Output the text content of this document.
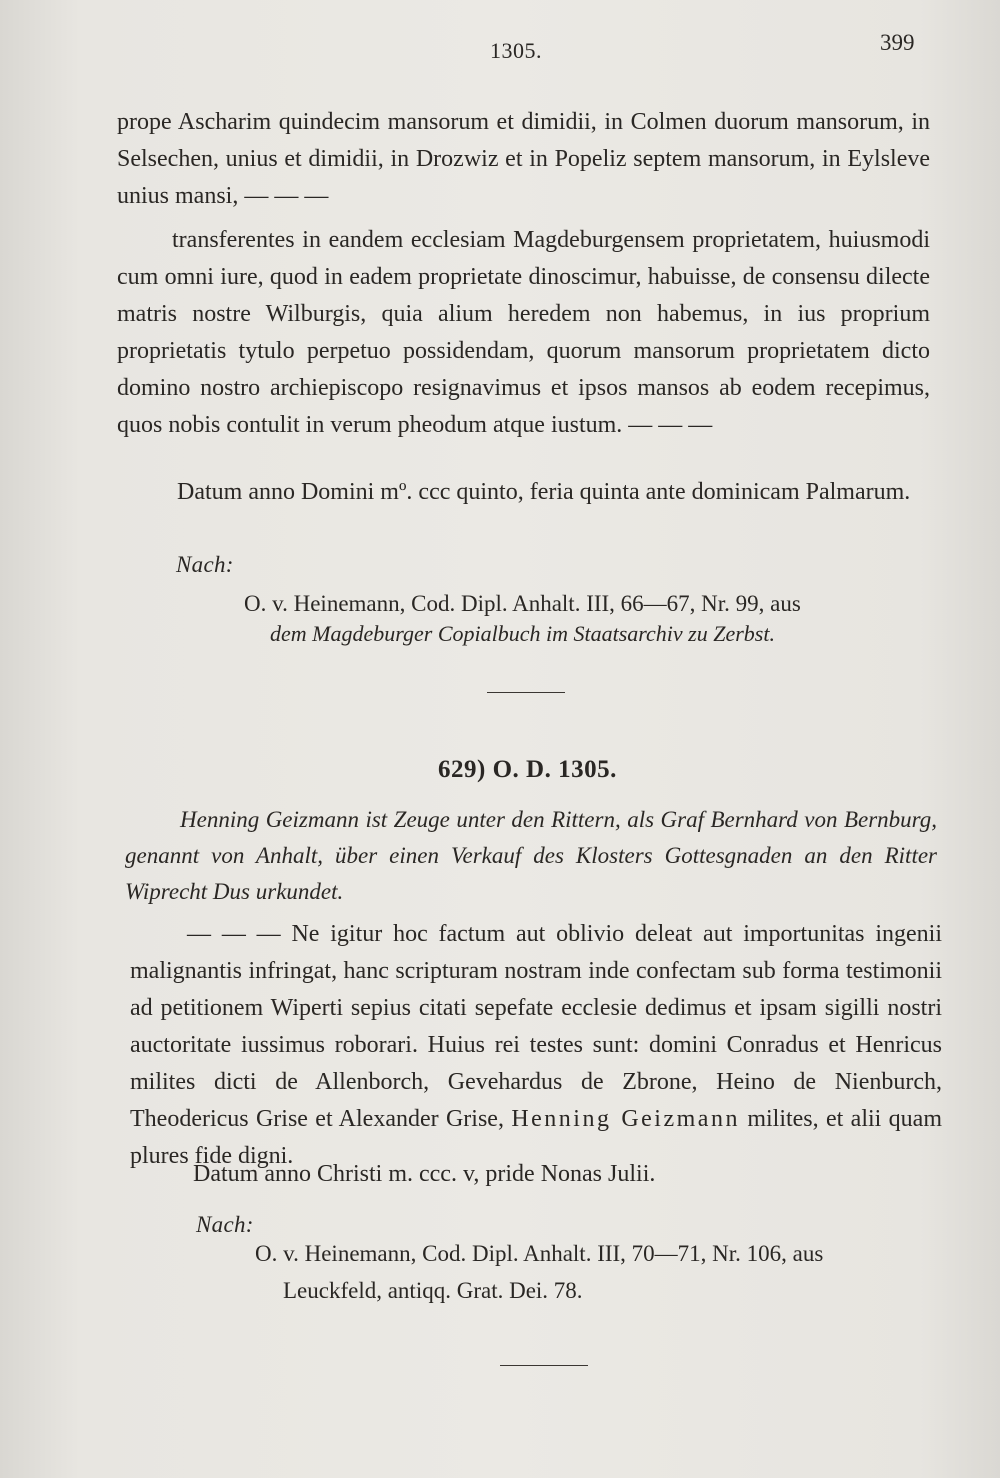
1305.	399
prope Ascharim quindecim mansorum et dimidii, in Colmen duorum mansorum, in Selsechen, unius et dimidii, in Drozwiz et in Popeliz septem mansorum, in Eylsleve unius mansi, — — —
transferentes in eandem ecclesiam Magdeburgensem proprietatem, huiusmodi cum omni iure, quod in eadem proprietate dinoscimur, habuisse, de consensu dilecte matris nostre Wilburgis, quia alium heredem non habemus, in ius proprium proprietatis tytulo perpetuo possidendam, quorum mansorum proprietatem dicto domino nostro archiepiscopo resignavimus et ipsos mansos ab eodem recepimus, quos nobis contulit in verum pheodum atque iustum. — — —
Datum anno Domini mº. ccc quinto, feria quinta ante dominicam Palmarum.
Nach:
O. v. Heinemann, Cod. Dipl. Anhalt. III, 66—67, Nr. 99, aus
dem Magdeburger Copialbuch im Staatsarchiv zu Zerbst.
629) O. D. 1305.
Henning Geizmann ist Zeuge unter den Rittern, als Graf Bernhard von Bernburg, genannt von Anhalt, über einen Verkauf des Klosters Gottesgnaden an den Ritter Wiprecht Dus urkundet.
— — — Ne igitur hoc factum aut oblivio deleat aut importunitas ingenii malignantis infringat, hanc scripturam nostram inde confectam sub forma testimonii ad petitionem Wiperti sepius citati sepefate ecclesie dedimus et ipsam sigilli nostri auctoritate iussimus roborari. Huius rei testes sunt: domini Conradus et Henricus milites dicti de Allenborch, Gevehardus de Zbrone, Heino de Nienburch, Theodericus Grise et Alexander Grise, Henning Geizmann milites, et alii quam plures fide digni.
Datum anno Christi m. ccc. v, pride Nonas Julii.
Nach:
O. v. Heinemann, Cod. Dipl. Anhalt. III, 70—71, Nr. 106, aus
Leuckfeld, antiqq. Grat. Dei. 78.
